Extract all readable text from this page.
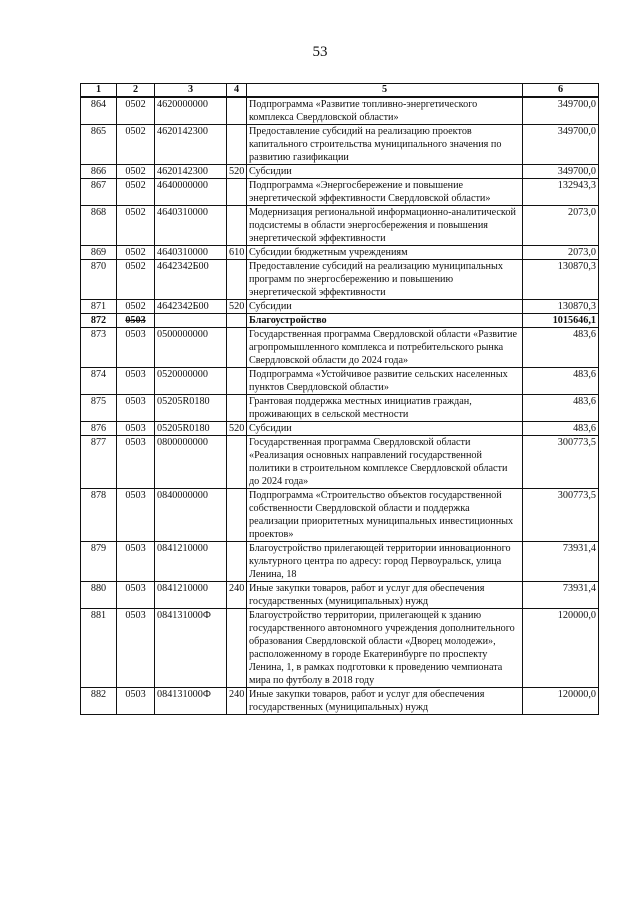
53
1	2	3	4	5	6
864	0502	4620000000		Подпрограмма «Развитие топливно-энергетического комплекса Свердловской области»	349700,0
865	0502	4620142300		Предоставление субсидий на реализацию проектов капитального строительства муниципального значения по развитию газификации	349700,0
866	0502	4620142300	520	Субсидии	349700,0
867	0502	4640000000		Подпрограмма «Энергосбережение и повышение энергетической эффективности Свердловской области»	132943,3
868	0502	4640310000		Модернизация региональной информационно-аналитической подсистемы в области энергосбережения и повышения энергетической эффективности	2073,0
869	0502	4640310000	610	Субсидии бюджетным учреждениям	2073,0
870	0502	4642342Б00		Предоставление субсидий на реализацию муниципальных программ по энергосбережению и повышению энергетической эффективности	130870,3
871	0502	4642342Б00	520	Субсидии	130870,3
872	0503			Благоустройство	1015646,1
873	0503	0500000000		Государственная программа Свердловской области «Развитие агропромышленного комплекса и потребительского рынка Свердловской области до 2024 года»	483,6
874	0503	0520000000		Подпрограмма «Устойчивое развитие сельских населенных пунктов Свердловской области»	483,6
875	0503	05205R0180		Грантовая поддержка местных инициатив граждан, проживающих в сельской местности	483,6
876	0503	05205R0180	520	Субсидии	483,6
877	0503	0800000000		Государственная программа Свердловской области «Реализация основных направлений государственной политики в строительном комплексе Свердловской области до 2024 года»	300773,5
878	0503	0840000000		Подпрограмма «Строительство объектов государственной собственности Свердловской области и поддержка реализации приоритетных муниципальных инвестиционных проектов»	300773,5
879	0503	0841210000		Благоустройство прилегающей территории инновационного культурного центра по адресу: город Первоуральск, улица Ленина, 18	73931,4
880	0503	0841210000	240	Иные закупки товаров, работ и услуг для обеспечения государственных (муниципальных) нужд	73931,4
881	0503	084131000Ф		Благоустройство территории, прилегающей к зданию государственного автономного учреждения дополнительного образования Свердловской области «Дворец молодежи», расположенному в городе Екатеринбурге по проспекту Ленина, 1, в рамках подготовки к проведению чемпионата мира по футболу в 2018 году	120000,0
882	0503	084131000Ф	240	Иные закупки товаров, работ и услуг для обеспечения государственных (муниципальных) нужд	120000,0
